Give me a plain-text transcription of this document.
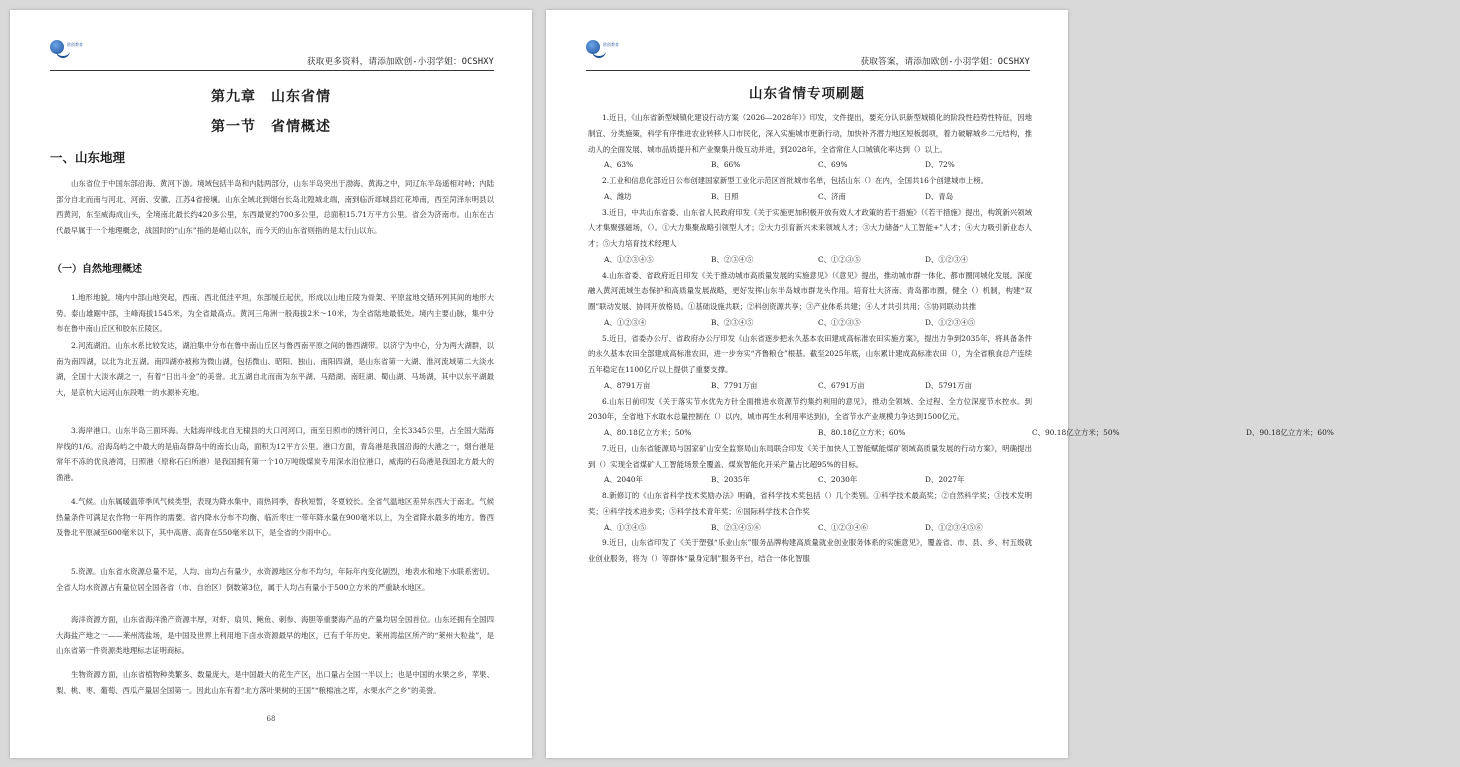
欧创教育
获取更多资料，请添加欧创-小羽学姐：OCSHXY
第九章　山东省情
第一节　省情概述
一、山东地理

山东省位于中国东部沿海、黄河下游。境域包括半岛和内陆两部分，山东半岛突出于渤海、黄海之中，同辽东半岛遥相对峙；内陆部分自北而南与河北、河南、安徽、江苏4省接壤。山东全域北到烟台长岛北隍城北端，南到临沂郯城县红花埠南，西至菏泽东明县以西黄河，东至威海成山头，全境南北最长约420多公里，东西最宽约700多公里，总面积15.71万平方公里。省会为济南市。山东在古代最早属于一个地理概念，战国时的“山东”指的是峿山以东，而今天的山东省则指的是太行山以东。

（一）自然地理概述

1.地形地貌。境内中部山地突起，西南、西北低洼平坦，东部缓丘起伏，形成以山地丘陵为骨架、平原盆地交错环列其间的地形大势。泰山雄踞中部，主峰海拔1545米，为全省最高点。黄河三角洲一般海拔2米～10米，为全省陆地最低处。境内主要山脉，集中分布在鲁中南山丘区和胶东丘陵区。

2.河流湖泊。山东水系比较发达，湖泊集中分布在鲁中南山丘区与鲁西南平原之间的鲁西湖带。以济宁为中心，分为两大湖群，以南为南四湖，以北为北五湖。南四湖亦被称为微山湖，包括微山、昭阳、独山、南阳四湖，是山东省第一大湖、淮河流域第二大淡水湖，全国十大淡水湖之一，有着“日出斗金”的美誉。北五湖自北而南为东平湖、马踏湖、南旺湖、蜀山湖、马场湖，其中以东平湖最大，是京杭大运河山东段唯一的水源补充地。

3.海岸港口。山东半岛三面环海。大陆海岸线北自无棣县的大口河河口，南至日照市的绣针河口，全长3345公里，占全国大陆海岸线的1/6。沿海岛屿之中最大的是庙岛群岛中的南长山岛，面积为12平方公里。港口方面，青岛港是我国沿海的大港之一，烟台港是常年不冻的优良港湾，日照港（原称石臼所港）是我国拥有第一个10万吨级煤炭专用深水泊位港口，威海的石岛港是我国北方最大的渔港。

4.气候。山东属暖温带季风气候类型，表现为降水集中，雨热同季，春秋短暂，冬夏较长。全省气温地区差异东西大于南北。气候热量条件可满足农作物一年两作的需要。省内降水分布不均衡、临沂枣庄一带年降水量在900毫米以上，为全省降水最多的地方。鲁西及鲁北平原减至600毫米以下，其中高唐、高青在550毫米以下，是全省的少雨中心。

5.资源。山东省水资源总量不足，人均、亩均占有量少，水资源地区分布不均匀，年际年内变化剧烈，地表水和地下水联系密切。全省人均水资源占有量位居全国各省（市、自治区）倒数第3位，属于人均占有量小于500立方米的严重缺水地区。

海洋资源方面，山东省海洋渔产资源丰厚，对虾、扇贝、鲍鱼、刺参、海胆等重要海产品的产量均居全国首位。山东还拥有全国四大海盐产地之一——莱州湾盐场，是中国及世界上利用地下卤水资源最早的地区，已有千年历史。莱州湾盐区所产的“莱州大粒盐”，是山东省第一件资源类地理标志证明商标。

生物资源方面，山东省植物种类繁多、数量庞大，是中国最大的花生产区，出口量占全国一半以上；也是中国的水果之乡，苹果、梨、桃、枣、葡萄、西瓜产量居全国第一。因此山东有着“北方落叶果树的王国”“粮棉油之库，水果水产之乡”的美誉。

68
欧创教育
获取答案，请添加欧创-小羽学姐：OCSHXY
山东省情专项刷题

1.近日，《山东省新型城镇化建设行动方案（2026—2028年）》印发，文件提出，要充分认识新型城镇化的阶段性趋势性特征，因地制宜、分类施策，科学有序推进农业转移人口市民化，深入实施城市更新行动，加快补齐潜力地区短板弱项，着力破解城乡二元结构，推动人的全面发展、城市品质提升和产业聚集升级互动并进，到2028年，全省常住人口城镇化率达到（）以上。

A、63%	B、66%	C、69%	D、72%

2.工业和信息化部近日公布创建国家新型工业化示范区首批城市名单，包括山东（）在内，全国共16个创建城市上榜。

A、潍坊	B、日照	C、济南	D、青岛

3.近日，中共山东省委、山东省人民政府印发《关于实施更加积极开放有效人才政策的若干措施》（《若干措施》提出，构筑新兴领域人才集聚强磁场，（）。①大力集聚战略引领型人才；②大力引育新兴未来领域人才；③大力储备“人工智能+”人才；④大力吸引新业态人才；⑤大力培育技术经理人

A、①②③④⑤	B、②③④⑤	C、①②③⑤	D、①②③④

4.山东省委、省政府近日印发《关于推动城市高质量发展的实施意见》（《意见》提出，推动城市群一体化、都市圈同城化发展。深度融入黄河流域生态保护和高质量发展战略，更好发挥山东半岛城市群龙头作用。培育壮大济南、青岛都市圈，健全（）机制，构建“双圈”联动发展、协同开放格局。①基础设施共联；②科创资源共享；③产业体系共建；④人才共引共用；⑤协同联动共推

A、①②③④	B、②③④⑤	C、①②③⑤	D、①②③④⑤

5.近日，省委办公厅、省政府办公厅印发《山东省逐步把永久基本农田建成高标准农田实施方案》，提出力争到2035年，将具备条件的永久基本农田全部建成高标准农田，进一步夯实“齐鲁粮仓”根基。截至2025年底，山东累计建成高标准农田（），为全省粮食总产连续五年稳定在1100亿斤以上提供了重要支撑。

A、8791万亩	B、7791万亩	C、6791万亩	D、5791万亩

6.山东日前印发《关于落实节水优先方针全面推进水资源节约集约利用的意见》，推动全领域、全过程、全方位深度节水控水。到2030年，全省地下水取水总量控制在（）以内，城市再生水利用率达到()，全省节水产业规模力争达到1500亿元。

A、80.18亿立方米；50%	B、80.18亿立方米；60%	C、90.18亿立方米；50%	D、90.18亿立方米；60%

7.近日，山东省能源局与国家矿山安全监察局山东局联合印发《关于加快人工智能赋能煤矿领域高质量发展的行动方案》，明确提出到（）实现全省煤矿人工智能场景全覆盖、煤炭智能化开采产量占比超95%的目标。

A、2040年	B、2035年	C、2030年	D、2027年

8.新修订的《山东省科学技术奖励办法》明确，省科学技术奖包括（）几个类别。①科学技术最高奖；②自然科学奖；③技术发明奖；④科学技术进步奖；⑤科学技术青年奖；⑥国际科学技术合作奖

A、①③④⑤	B、②③④⑤⑥	C、①②③④⑥	D、①②③④⑤⑥

9.近日，山东省印发了《关于塑强“乐业山东”服务品牌构建高质量就业创业服务体系的实施意见》，覆盖省、市、县、乡、村五级就业创业服务，将为（）等群体“量身定制”服务平台，结合一体化智服
